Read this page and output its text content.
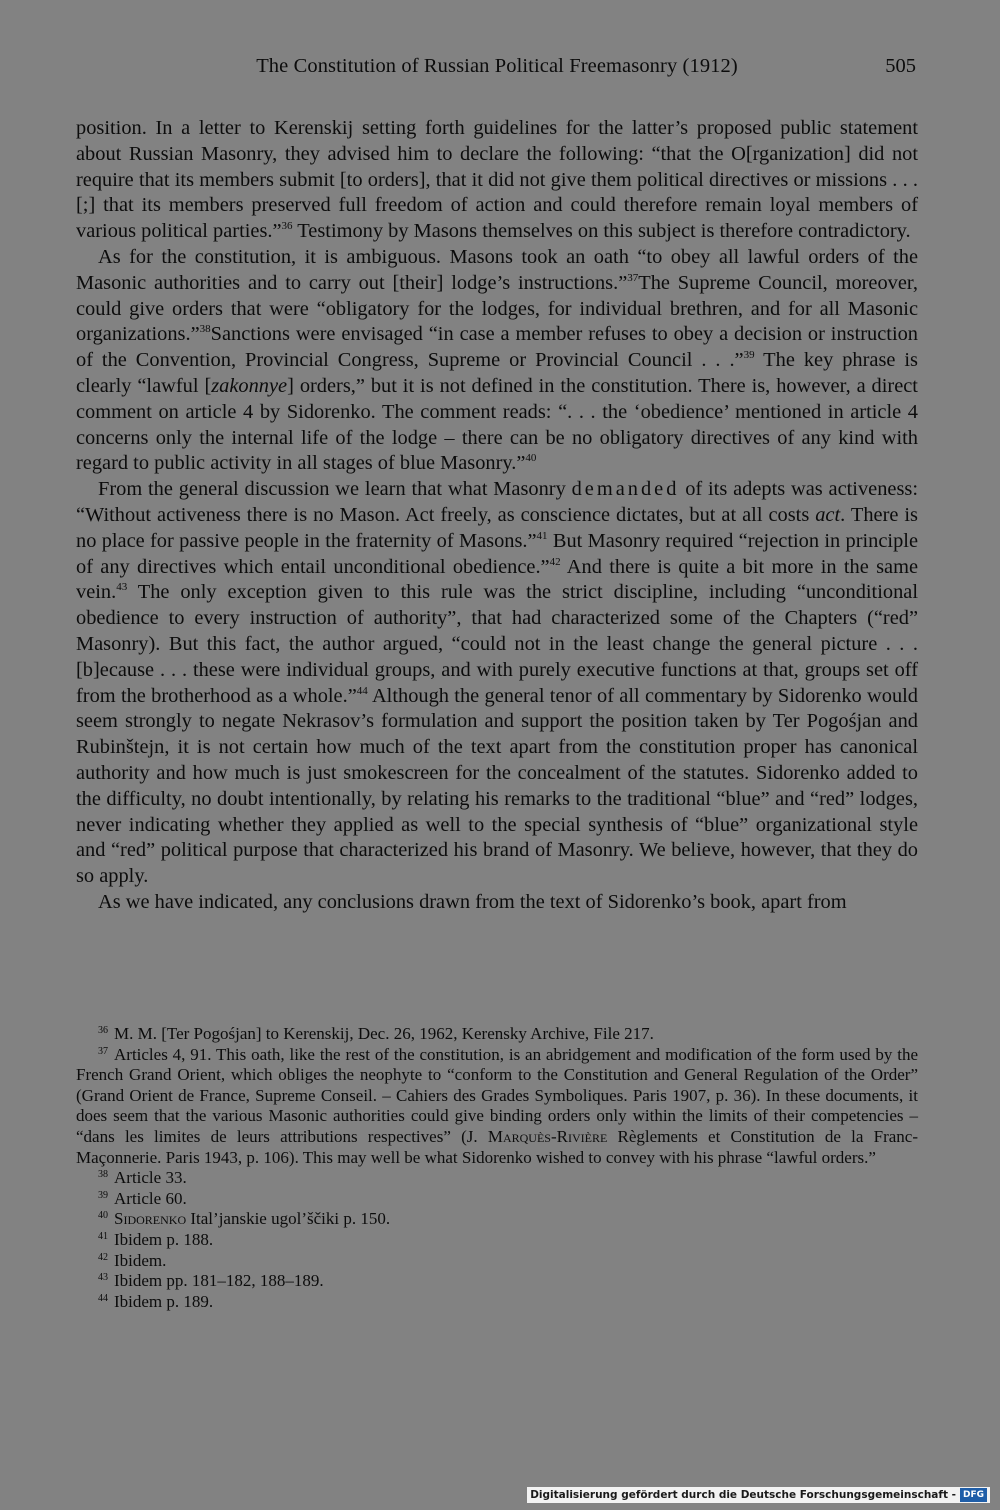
The Constitution of Russian Political Freemasonry (1912)	505

position. In a letter to Kerenskij setting forth guidelines for the latter’s proposed public statement about Russian Masonry, they advised him to declare the following: “that the O[rganization] did not require that its members submit [to orders], that it did not give them political directives or missions . . .[;] that its members preserved full freedom of action and could therefore remain loyal members of various political parties.”$^{36}$ Testimony by Masons themselves on this subject is therefore contradictory.

As for the constitution, it is ambiguous. Masons took an oath “to obey all lawful orders of the Masonic authorities and to carry out [their] lodge’s instructions.”$^{37}$The Supreme Council, moreover, could give orders that were “obligatory for the lodges, for individual brethren, and for all Masonic organizations.”$^{38}$Sanctions were envisaged “in case a member refuses to obey a decision or instruction of the Convention, Provincial Congress, Supreme or Provincial Council . . .”$^{39}$ The key phrase is clearly “lawful [zakonnye] orders,” but it is not defined in the constitution. There is, however, a direct comment on article 4 by Sidorenko. The comment reads: “. . . the ‘obedience’ mentioned in article 4 concerns only the internal life of the lodge – there can be no obligatory directives of any kind with regard to public activity in all stages of blue Masonry.”$^{40}$

From the general discussion we learn that what Masonry demanded of its adepts was activeness: “Without activeness there is no Mason. Act freely, as conscience dictates, but at all costs act. There is no place for passive people in the fraternity of Masons.”$^{41}$ But Masonry required “rejection in principle of any directives which entail unconditional obedience.”$^{42}$ And there is quite a bit more in the same vein.$^{43}$ The only exception given to this rule was the strict discipline, including “unconditional obedience to every instruction of authority”, that had characterized some of the Chapters (“red” Masonry). But this fact, the author argued, “could not in the least change the general picture . . . [b]ecause . . . these were individual groups, and with purely executive functions at that, groups set off from the brotherhood as a whole.”$^{44}$ Although the general tenor of all commentary by Sidorenko would seem strongly to negate Nekrasov’s formulation and support the position taken by Ter Pogośjan and Rubinštejn, it is not certain how much of the text apart from the constitution proper has canonical authority and how much is just smokescreen for the concealment of the statutes. Sidorenko added to the difficulty, no doubt intentionally, by relating his remarks to the traditional “blue” and “red” lodges, never indicating whether they applied as well to the special synthesis of “blue” organizational style and “red” political purpose that characterized his brand of Masonry. We believe, however, that they do so apply.

As we have indicated, any conclusions drawn from the text of Sidorenko’s book, apart from

$^{36}$ M. M. [Ter Pogośjan] to Kerenskij, Dec. 26, 1962, Kerensky Archive, File 217.

$^{37}$ Articles 4, 91. This oath, like the rest of the constitution, is an abridgement and modification of the form used by the French Grand Orient, which obliges the neophyte to “conform to the Constitution and General Regulation of the Order” (Grand Orient de France, Supreme Conseil. – Cahiers des Grades Symboliques. Paris 1907, p. 36). In these documents, it does seem that the various Masonic authorities could give binding orders only within the limits of their competencies – “dans les limites de leurs attributions respectives” (J. Marquès-Rivière Règlements et Constitution de la Franc-Maçonnerie. Paris 1943, p. 106). This may well be what Sidorenko wished to convey with his phrase “lawful orders.”

$^{38}$ Article 33.

$^{39}$ Article 60.

$^{40}$ Sidorenko Ital’janskie ugol’ščiki p. 150.

$^{41}$ Ibidem p. 188.

$^{42}$ Ibidem.

$^{43}$ Ibidem pp. 181–182, 188–189.

$^{44}$ Ibidem p. 189.

Digitalisierung gefördert durch die Deutsche Forschungsgemeinschaft - DFG
